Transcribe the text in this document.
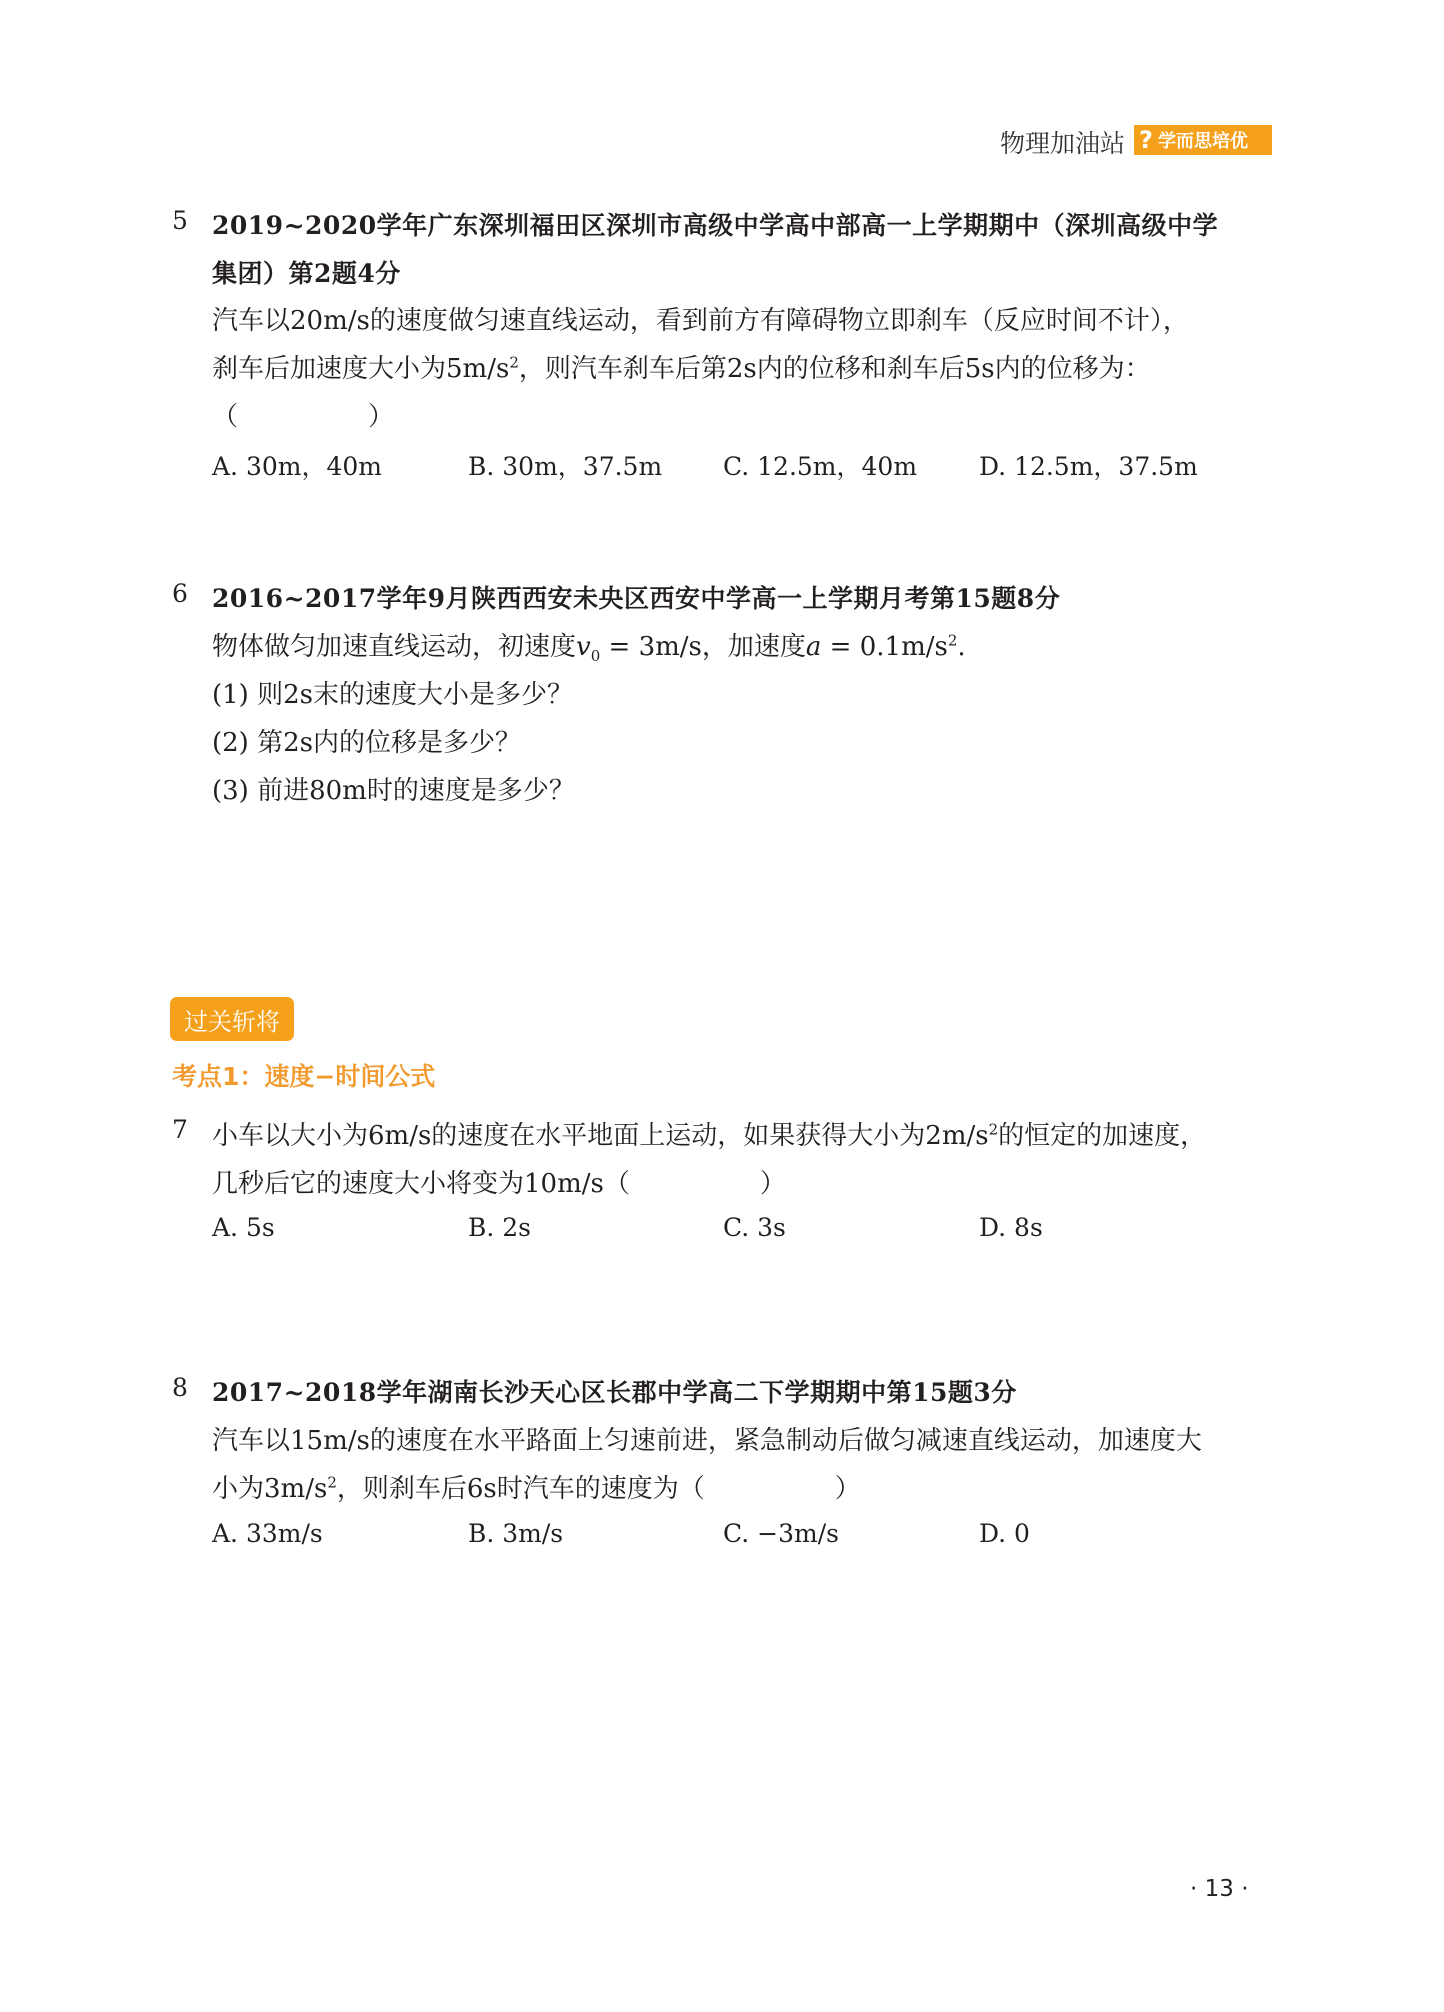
物理加油站 ? 学而思培优
5 2019~2020学年广东深圳福田区深圳市高级中学高中部高一上学期期中（深圳高级中学
集团）第2题4分
汽车以20m/s的速度做匀速直线运动，看到前方有障碍物立即刹车（反应时间不计），
刹车后加速度大小为$5m/s^2$，则汽车刹车后第2s内的位移和刹车后5s内的位移为：
（　　　　　）
A. 30m，40m	B. 30m，37.5m C. 12.5m，40m D. 12.5m，37.5m
6 2016~2017学年9月陕西西安未央区西安中学高一上学期月考第15题8分
物体做匀加速直线运动，初速度$v_0 = 3m/s$，加速度$a = 0.1m/s^2$.
(1) 则2s末的速度大小是多少？
(2) 第2s内的位移是多少？
(3) 前进80m时的速度是多少？
过关斩将
考点1：速度−时间公式
7 小车以大小为6m/s的速度在水平地面上运动，如果获得大小为$2m/s^2$的恒定的加速度，
几秒后它的速度大小将变为10m/s（　　　　　）
A. 5s	B. 2s	C. 3s	D. 8s
8 2017~2018学年湖南长沙天心区长郡中学高二下学期期中第15题3分
汽车以15m/s的速度在水平路面上匀速前进，紧急制动后做匀减速直线运动，加速度大
小为$3m/s^2$，则刹车后6s时汽车的速度为（　　　　　）
A. 33m/s	B. 3m/s	C. −3m/s	D. 0
· 13 ·
